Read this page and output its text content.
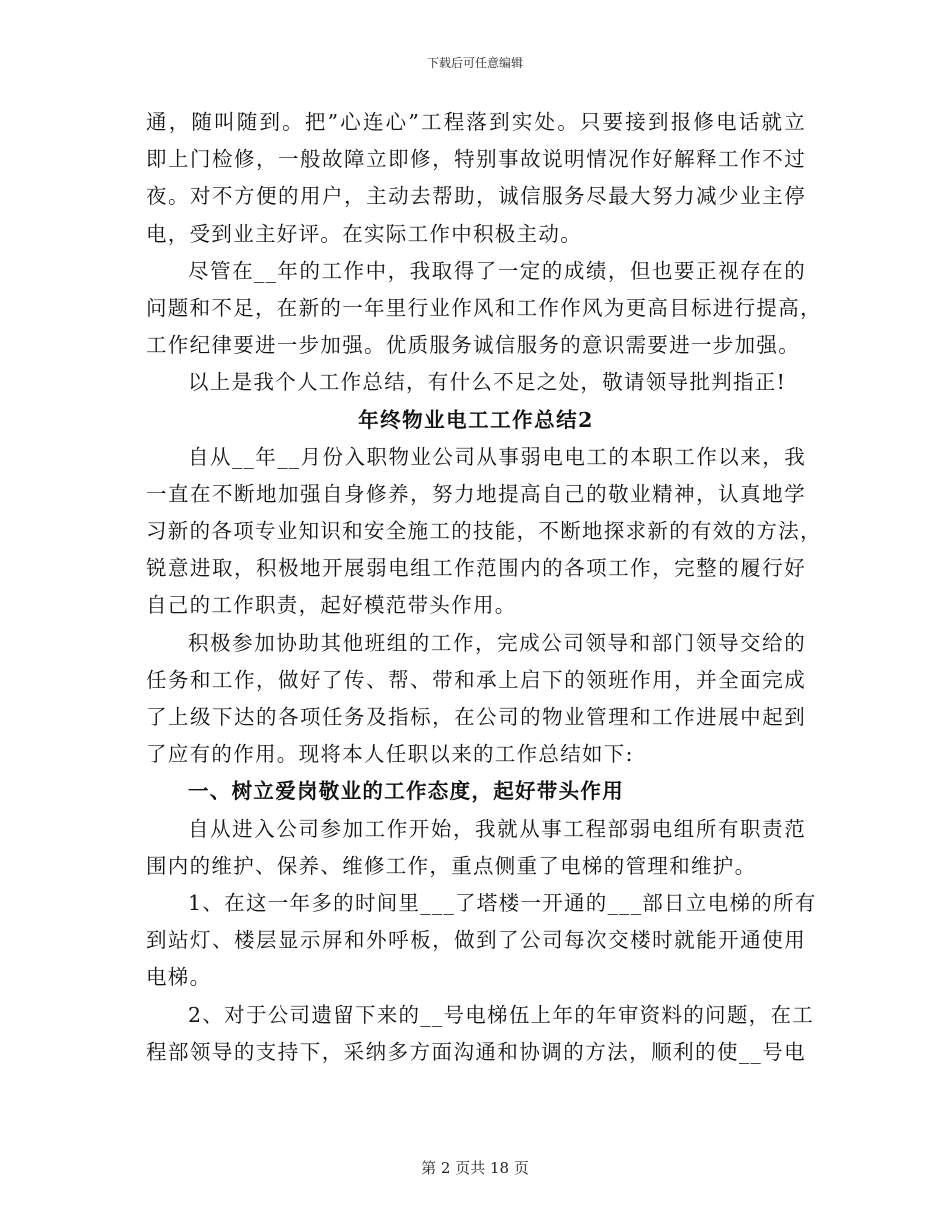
下载后可任意编辑
通，随叫随到。把”心连心”工程落到实处。只要接到报修电话就立
即上门检修，一般故障立即修，特别事故说明情况作好解释工作不过
夜。对不方便的用户，主动去帮助，诚信服务尽最大努力减少业主停
电，受到业主好评。在实际工作中积极主动。
尽管在__年的工作中，我取得了一定的成绩，但也要正视存在的
问题和不足，在新的一年里行业作风和工作作风为更高目标进行提高，
工作纪律要进一步加强。优质服务诚信服务的意识需要进一步加强。
以上是我个人工作总结，有什么不足之处，敬请领导批判指正!
年终物业电工工作总结2
自从__年__月份入职物业公司从事弱电电工的本职工作以来，我
一直在不断地加强自身修养，努力地提高自己的敬业精神，认真地学
习新的各项专业知识和安全施工的技能，不断地探求新的有效的方法，
锐意进取，积极地开展弱电组工作范围内的各项工作，完整的履行好
自己的工作职责，起好模范带头作用。
积极参加协助其他班组的工作，完成公司领导和部门领导交给的
任务和工作，做好了传、帮、带和承上启下的领班作用，并全面完成
了上级下达的各项任务及指标，在公司的物业管理和工作进展中起到
了应有的作用。现将本人任职以来的工作总结如下:
一、树立爱岗敬业的工作态度，起好带头作用
自从进入公司参加工作开始，我就从事工程部弱电组所有职责范
围内的维护、保养、维修工作，重点侧重了电梯的管理和维护。
1、在这一年多的时间里___了塔楼一开通的___部日立电梯的所有
到站灯、楼层显示屏和外呼板，做到了公司每次交楼时就能开通使用
电梯。
2、对于公司遗留下来的__号电梯伍上年的年审资料的问题，在工
程部领导的支持下，采纳多方面沟通和协调的方法，顺利的使__号电
第 2 页共 18 页
